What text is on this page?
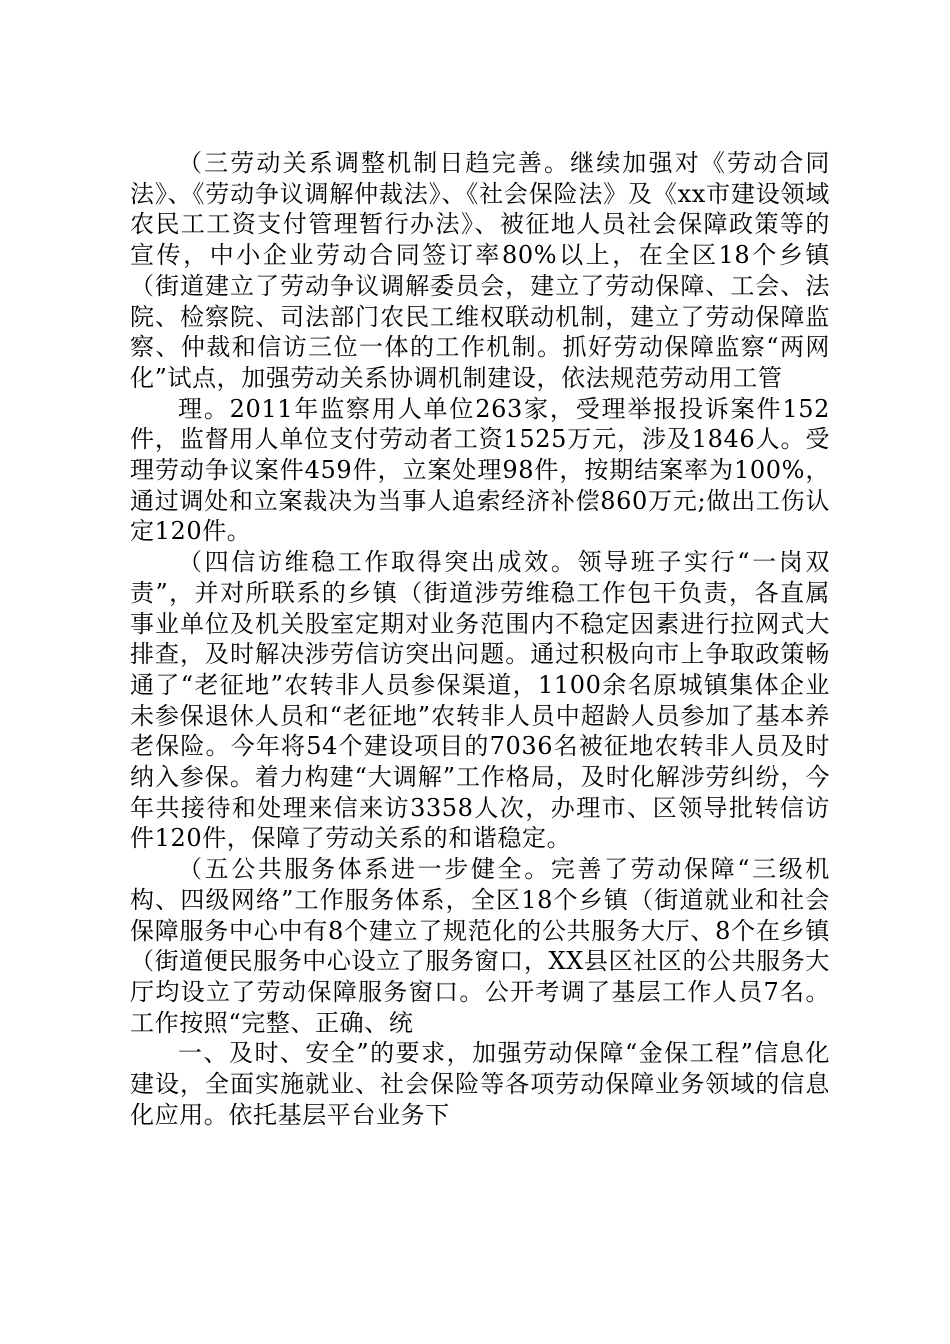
（三劳动关系调整机制日趋完善。继续加强对《劳动合同法》、《劳动争议调解仲裁法》、《社会保险法》及《xx市建设领域农民工工资支付管理暂行办法》、被征地人员社会保障政策等的宣传，中小企业劳动合同签订率80%以上，在全区18个乡镇（街道建立了劳动争议调解委员会，建立了劳动保障、工会、法院、检察院、司法部门农民工维权联动机制，建立了劳动保障监察、仲裁和信访三位一体的工作机制。抓好劳动保障监察“两网化”试点，加强劳动关系协调机制建设，依法规范劳动用工管

理。2011年监察用人单位263家，受理举报投诉案件152件，监督用人单位支付劳动者工资1525万元，涉及1846人。受理劳动争议案件459件，立案处理98件，按期结案率为100%，通过调处和立案裁决为当事人追索经济补偿860万元;做出工伤认定120件。

（四信访维稳工作取得突出成效。领导班子实行“一岗双责”，并对所联系的乡镇（街道涉劳维稳工作包干负责，各直属事业单位及机关股室定期对业务范围内不稳定因素进行拉网式大排查，及时解决涉劳信访突出问题。通过积极向市上争取政策畅通了“老征地”农转非人员参保渠道，1100余名原城镇集体企业未参保退休人员和“老征地”农转非人员中超龄人员参加了基本养老保险。今年将54个建设项目的7036名被征地农转非人员及时纳入参保。着力构建“大调解”工作格局，及时化解涉劳纠纷，今年共接待和处理来信来访3358人次，办理市、区领导批转信访件120件，保障了劳动关系的和谐稳定。

（五公共服务体系进一步健全。完善了劳动保障“三级机构、四级网络”工作服务体系，全区18个乡镇（街道就业和社会保障服务中心中有8个建立了规范化的公共服务大厅、8个在乡镇（街道便民服务中心设立了服务窗口，XX县区社区的公共服务大厅均设立了劳动保障服务窗口。公开考调了基层工作人员7名。工作按照“完整、正确、统

一、及时、安全”的要求，加强劳动保障“金保工程”信息化建设，全面实施就业、社会保险等各项劳动保障业务领域的信息化应用。依托基层平台业务下
